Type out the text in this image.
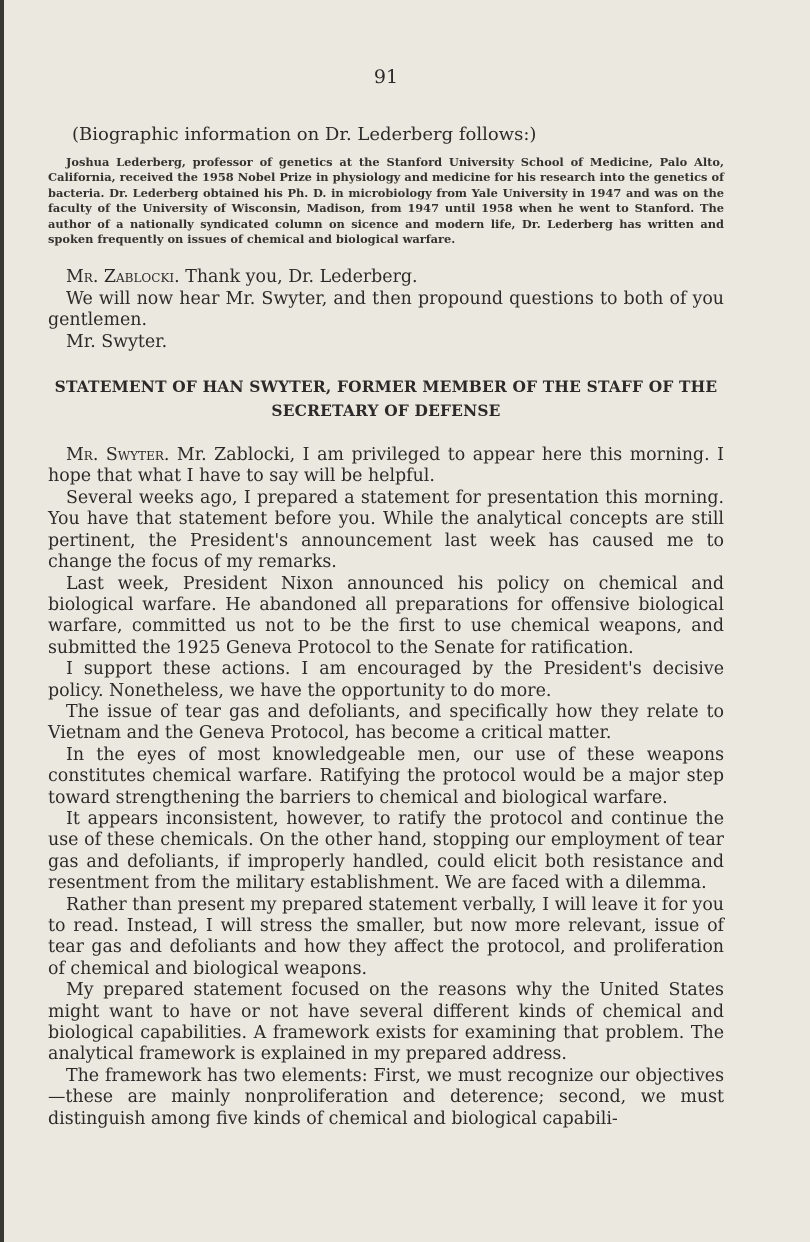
91
(Biographic information on Dr. Lederberg follows:)
Joshua Lederberg, professor of genetics at the Stanford University School of Medicine, Palo Alto, California, received the 1958 Nobel Prize in physiology and medicine for his research into the genetics of bacteria. Dr. Lederberg obtained his Ph. D. in microbiology from Yale University in 1947 and was on the faculty of the University of Wisconsin, Madison, from 1947 until 1958 when he went to Stanford. The author of a nationally syndicated column on sicence and modern life, Dr. Lederberg has written and spoken frequently on issues of chemical and biological warfare.

Mr. Zablocki. Thank you, Dr. Lederberg.

We will now hear Mr. Swyter, and then propound questions to both of you gentlemen.

Mr. Swyter.

STATEMENT OF HAN SWYTER, FORMER MEMBER OF THE STAFF OF THE SECRETARY OF DEFENSE

Mr. Swyter. Mr. Zablocki, I am privileged to appear here this morning. I hope that what I have to say will be helpful.

Several weeks ago, I prepared a statement for presentation this morning. You have that statement before you. While the analytical concepts are still pertinent, the President's announcement last week has caused me to change the focus of my remarks.

Last week, President Nixon announced his policy on chemical and biological warfare. He abandoned all preparations for offensive biological warfare, committed us not to be the first to use chemical weapons, and submitted the 1925 Geneva Protocol to the Senate for ratification.

I support these actions. I am encouraged by the President's decisive policy. Nonetheless, we have the opportunity to do more.

The issue of tear gas and defoliants, and specifically how they relate to Vietnam and the Geneva Protocol, has become a critical matter.

In the eyes of most knowledgeable men, our use of these weapons constitutes chemical warfare. Ratifying the protocol would be a major step toward strengthening the barriers to chemical and biological warfare.

It appears inconsistent, however, to ratify the protocol and continue the use of these chemicals. On the other hand, stopping our employment of tear gas and defoliants, if improperly handled, could elicit both resistance and resentment from the military establishment. We are faced with a dilemma.

Rather than present my prepared statement verbally, I will leave it for you to read. Instead, I will stress the smaller, but now more relevant, issue of tear gas and defoliants and how they affect the protocol, and proliferation of chemical and biological weapons.

My prepared statement focused on the reasons why the United States might want to have or not have several different kinds of chemical and biological capabilities. A framework exists for examining that problem. The analytical framework is explained in my prepared address.

The framework has two elements: First, we must recognize our objectives—these are mainly nonproliferation and deterence; second, we must distinguish among five kinds of chemical and biological capabili-
